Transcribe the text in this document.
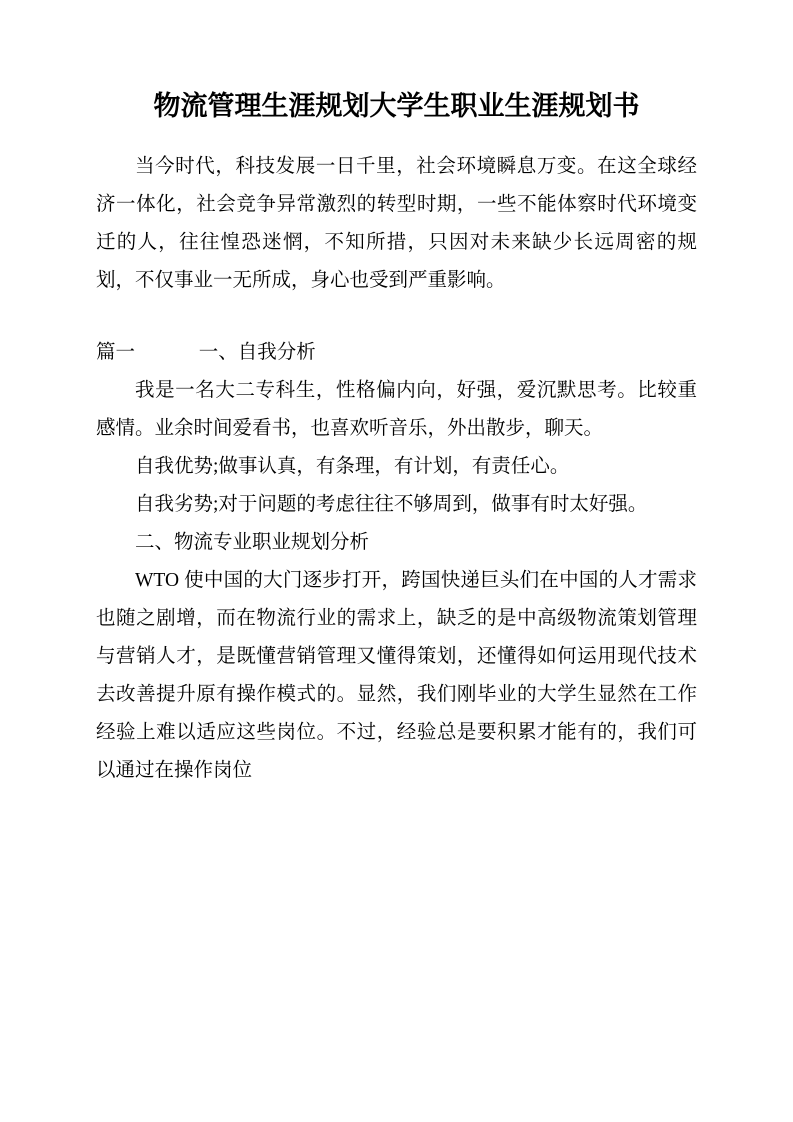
物流管理生涯规划大学生职业生涯规划书

当今时代，科技发展一日千里，社会环境瞬息万变。在这全球经济一体化，社会竞争异常激烈的转型时期，一些不能体察时代环境变迁的人，往往惶恐迷惘，不知所措，只因对未来缺少长远周密的规划，不仅事业一无所成，身心也受到严重影响。

篇一	一、自我分析

我是一名大二专科生，性格偏内向，好强，爱沉默思考。比较重感情。业余时间爱看书，也喜欢听音乐，外出散步，聊天。

自我优势;做事认真，有条理，有计划，有责任心。

自我劣势;对于问题的考虑往往不够周到，做事有时太好强。

二、物流专业职业规划分析

WTO 使中国的大门逐步打开，跨国快递巨头们在中国的人才需求也随之剧增，而在物流行业的需求上，缺乏的是中高级物流策划管理与营销人才，是既懂营销管理又懂得策划，还懂得如何运用现代技术去改善提升原有操作模式的。显然，我们刚毕业的大学生显然在工作经验上难以适应这些岗位。不过，经验总是要积累才能有的，我们可以通过在操作岗位
